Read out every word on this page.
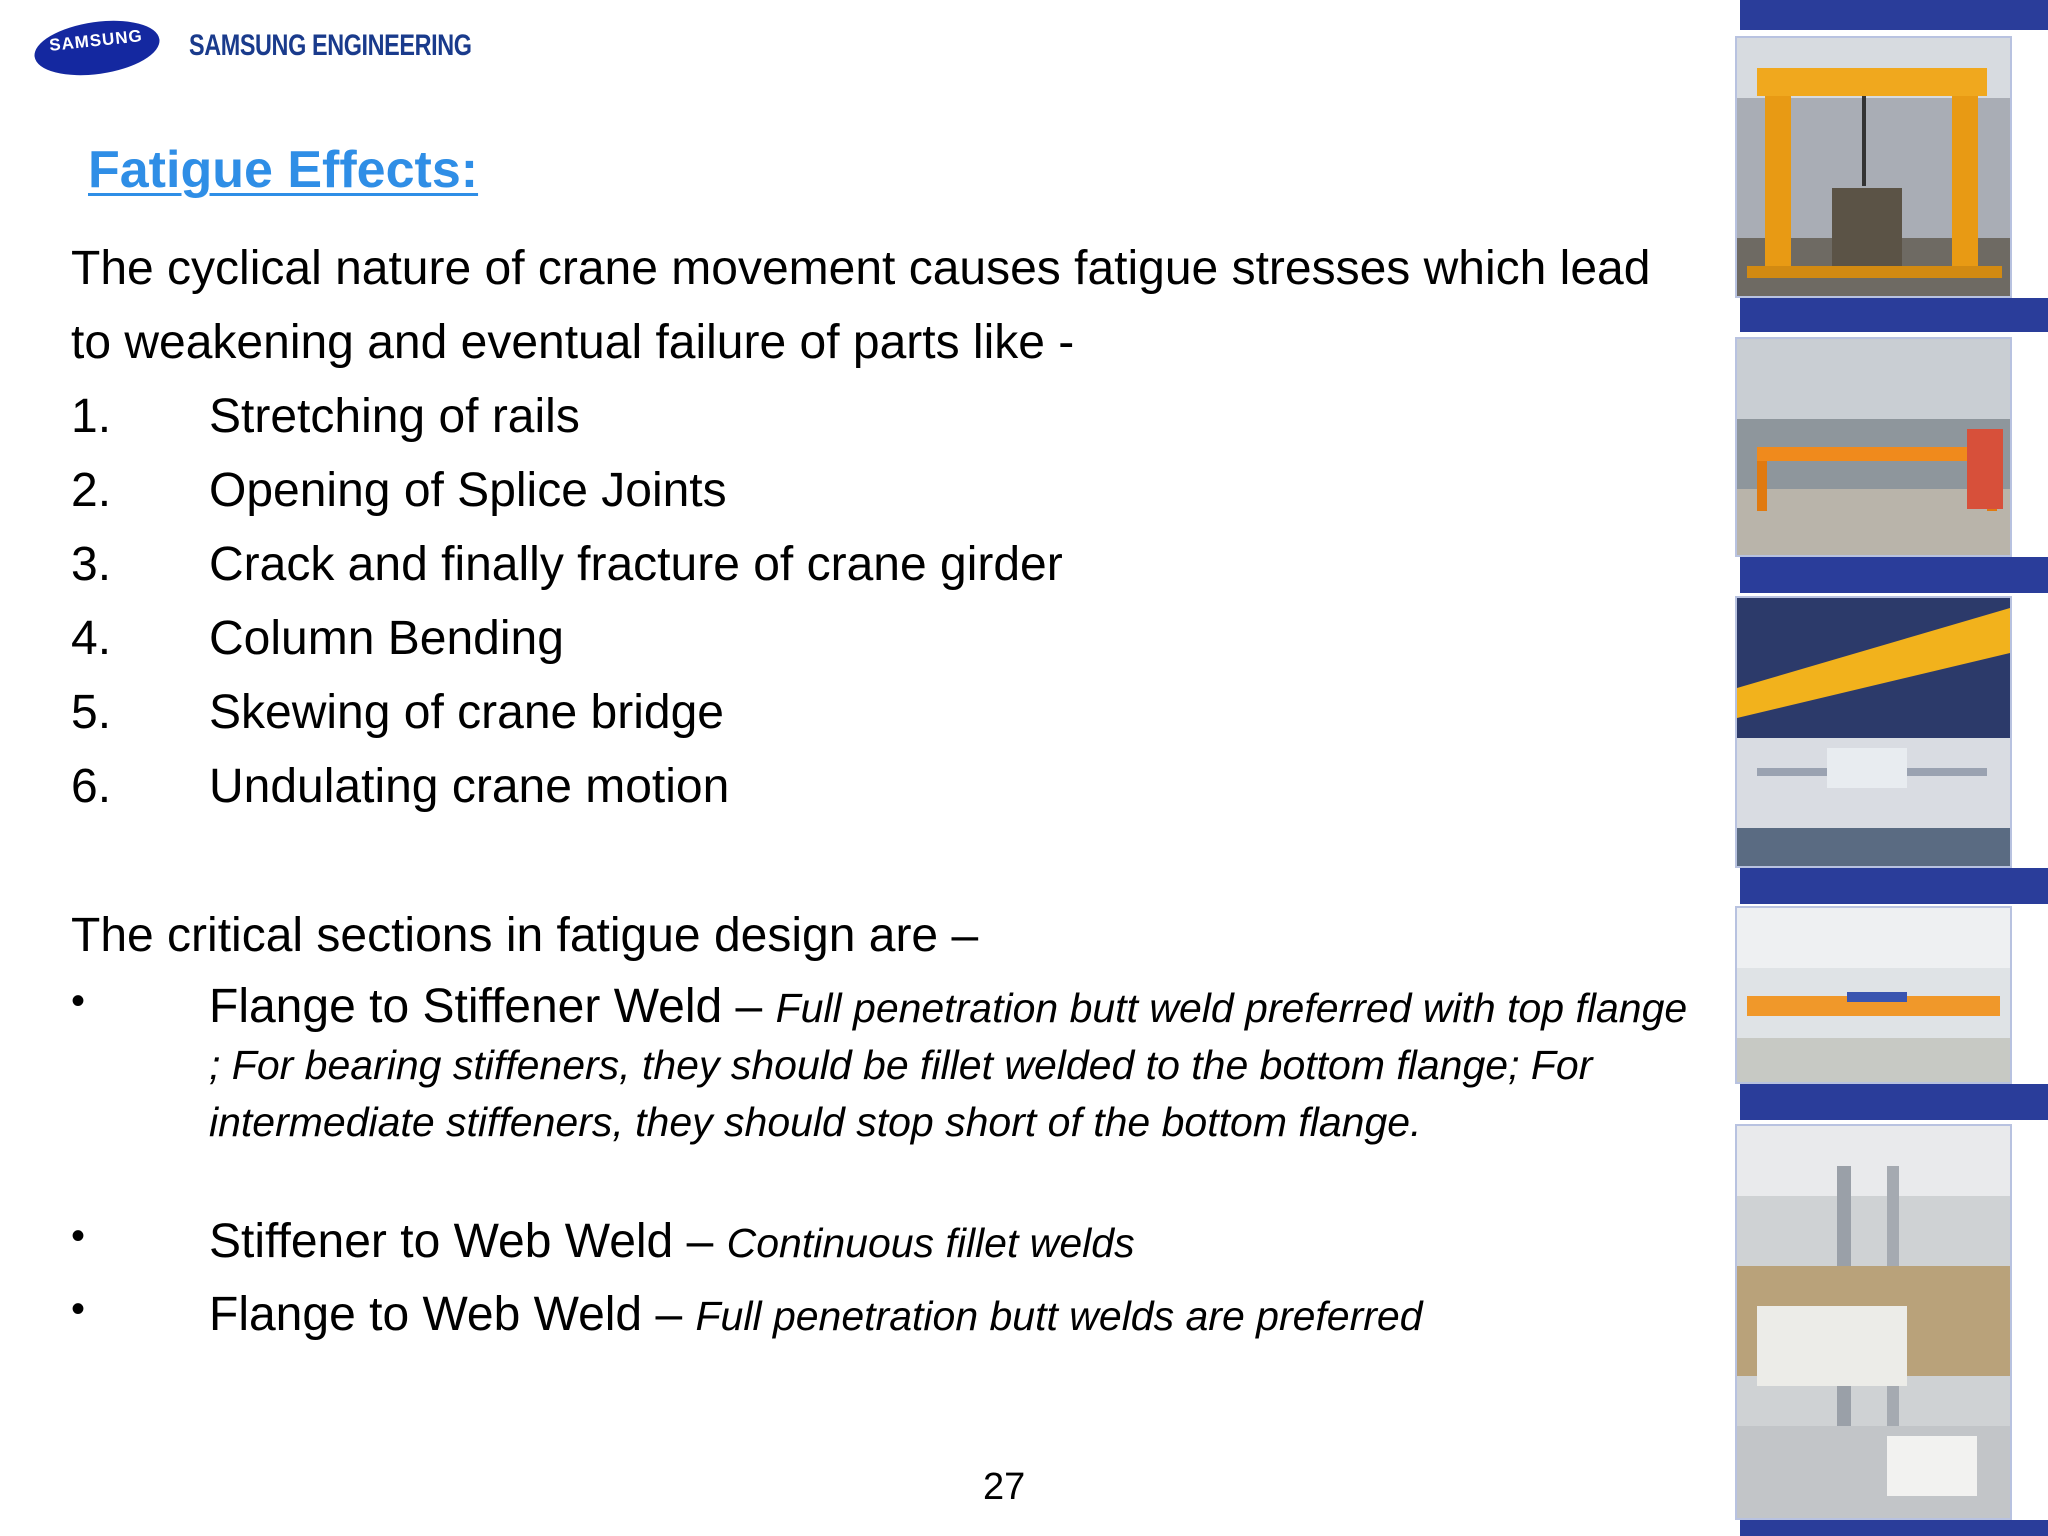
SAMSUNG	SAMSUNG ENGINEERING
Fatigue Effects:
The cyclical nature of crane movement causes fatigue stresses which lead to weakening and eventual failure of parts like -
1. Stretching of rails
2. Opening of Splice Joints
3. Crack and finally fracture of crane girder
4. Column Bending
5. Skewing of crane bridge
6. Undulating crane motion
The critical sections in fatigue design are –
•	Flange to Stiffener Weld – Full penetration butt weld preferred with top flange ; For bearing stiffeners, they should be fillet welded to the bottom flange; For intermediate stiffeners, they should stop short of the bottom flange.
•	Stiffener to Web Weld – Continuous fillet welds
•	Flange to Web Weld – Full penetration butt welds are preferred
27
